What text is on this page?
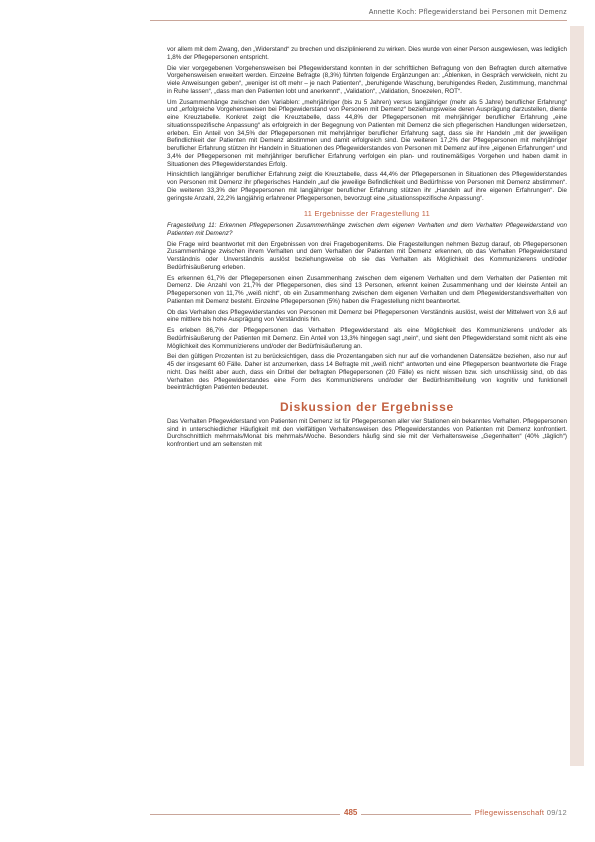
Annette Koch: Pflegewiderstand bei Personen mit Demenz

vor allem mit dem Zwang, den „Widerstand“ zu brechen und disziplinierend zu wirken. Dies wurde von einer Person ausgewiesen, was lediglich 1,8% der Pflegepersonen entspricht.

Die vier vorgegebenen Vorgehensweisen bei Pflegewiderstand konnten in der schriftlichen Befragung von den Befragten durch alternative Vorgehensweisen erweitert werden. Einzelne Befragte (8,3%) führten folgende Ergänzungen an: „Ablenken, in Gespräch verwickeln, nicht zu viele Anweisungen geben“, „weniger ist oft mehr – je nach Patienten“, „beruhigende Waschung, beruhigendes Reden, Zustimmung, manchmal in Ruhe lassen“, „dass man den Patienten lobt und anerkennt“, „Validation“, „Validation, Snoezelen, ROT“.

Um Zusammenhänge zwischen den Variablen: „mehrjähriger (bis zu 5 Jahren) versus langjähriger (mehr als 5 Jahre) beruflicher Erfahrung“ und „erfolgreiche Vorgehensweisen bei Pflegewiderstand von Personen mit Demenz“ beziehungsweise deren Ausprägung darzustellen, diente eine Kreuztabelle. Konkret zeigt die Kreuztabelle, dass 44,8% der Pflegepersonen mit mehrjähriger beruflicher Erfahrung „eine situationsspezifische Anpassung“ als erfolgreich in der Begegnung von Patienten mit Demenz die sich pflegerischen Handlungen widersetzen, erleben. Ein Anteil von 34,5% der Pflegepersonen mit mehrjähriger beruflicher Erfahrung sagt, dass sie ihr Handeln „mit der jeweiligen Befindlichkeit der Patienten mit Demenz abstimmen und damit erfolgreich sind. Die weiteren 17,2% der Pflegepersonen mit mehrjähriger beruflicher Erfahrung stützen ihr Handeln in Situationen des Pflegewiderstandes von Personen mit Demenz auf ihre „eigenen Erfahrungen“ und 3,4% der Pflegepersonen mit mehrjähriger beruflicher Erfahrung verfolgen ein plan- und routinemäßiges Vorgehen und haben damit in Situationen des Pflegewiderstandes Erfolg.

Hinsichtlich langjähriger beruflicher Erfahrung zeigt die Kreuztabelle, dass 44,4% der Pflegepersonen in Situationen des Pflegewiderstandes von Personen mit Demenz ihr pflegerisches Handeln „auf die jeweilige Befindlichkeit und Bedürfnisse von Personen mit Demenz abstimmen“. Die weiteren 33,3% der Pflegepersonen mit langjähriger beruflicher Erfahrung stützen ihr „Handeln auf ihre eigenen Erfahrungen“. Die geringste Anzahl, 22,2% langjährig erfahrener Pflegepersonen, bevorzugt eine „situationsspezifische Anpassung“.

11 Ergebnisse der Fragestellung 11

Fragestellung 11: Erkennen Pflegepersonen Zusammenhänge zwischen dem eigenen Verhalten und dem Verhalten Pflegewiderstand von Patienten mit Demenz?

Die Frage wird beantwortet mit den Ergebnissen von drei Fragebogenitems. Die Fragestellungen nehmen Bezug darauf, ob Pflegepersonen Zusammenhänge zwischen ihrem Verhalten und dem Verhalten der Patienten mit Demenz erkennen, ob das Verhalten Pflegewiderstand Verständnis oder Unverständnis auslöst beziehungsweise ob sie das Verhalten als Möglichkeit des Kommunizierens und/oder Bedürfnisäußerung erleben.

Es erkennen 61,7% der Pflegepersonen einen Zusammenhang zwischen dem eigenem Verhalten und dem Verhalten der Patienten mit Demenz. Die Anzahl von 21,7% der Pflegepersonen, dies sind 13 Personen, erkennt keinen Zusammenhang und der kleinste Anteil an Pflegepersonen von 11,7% „weiß nicht“, ob ein Zusammenhang zwischen dem eigenen Verhalten und dem Pflegewiderstandsverhalten von Patienten mit Demenz besteht. Einzelne Pflegepersonen (5%) haben die Fragestellung nicht beantwortet.

Ob das Verhalten des Pflegewiderstandes von Personen mit Demenz bei Pflegepersonen Verständnis auslöst, weist der Mittelwert von 3,6 auf eine mittlere bis hohe Ausprägung von Verständnis hin.

Es erleben 86,7% der Pflegepersonen das Verhalten Pflegewiderstand als eine Möglichkeit des Kommunizierens und/oder als Bedürfnisäußerung der Patienten mit Demenz. Ein Anteil von 13,3% hingegen sagt „nein“, und sieht den Pflegewiderstand somit nicht als eine Möglichkeit des Kommunizierens und/oder der Bedürfnisäußerung an.

Bei den gültigen Prozenten ist zu berücksichtigen, dass die Prozentangaben sich nur auf die vorhandenen Datensätze beziehen, also nur auf 45 der insgesamt 60 Fälle. Daher ist anzumerken, dass 14 Befragte mit „weiß nicht“ antworten und eine Pflegeperson beantwortete die Frage nicht. Das heißt aber auch, dass ein Drittel der befragten Pflegepersonen (20 Fälle) es nicht wissen bzw. sich unschlüssig sind, ob das Verhalten des Pflegewiderstandes eine Form des Kommunizierens und/oder der Bedürfnismitteilung von kognitiv und funktionell beeinträchtigten Patienten bedeutet.

Diskussion der Ergebnisse

Das Verhalten Pflegewiderstand von Patienten mit Demenz ist für Pflegepersonen aller vier Stationen ein bekanntes Verhalten. Pflegepersonen sind in unterschiedlicher Häufigkeit mit den vielfältigen Verhaltensweisen des Pflegewiderstandes von Patienten mit Demenz konfrontiert. Durchschnittlich mehrmals/Monat bis mehrmals/Woche. Besonders häufig sind sie mit der Verhaltensweise „Gegenhalten“ (40% „täglich“) konfrontiert und am seltensten mit

485	Pflegewissenschaft 09/12
